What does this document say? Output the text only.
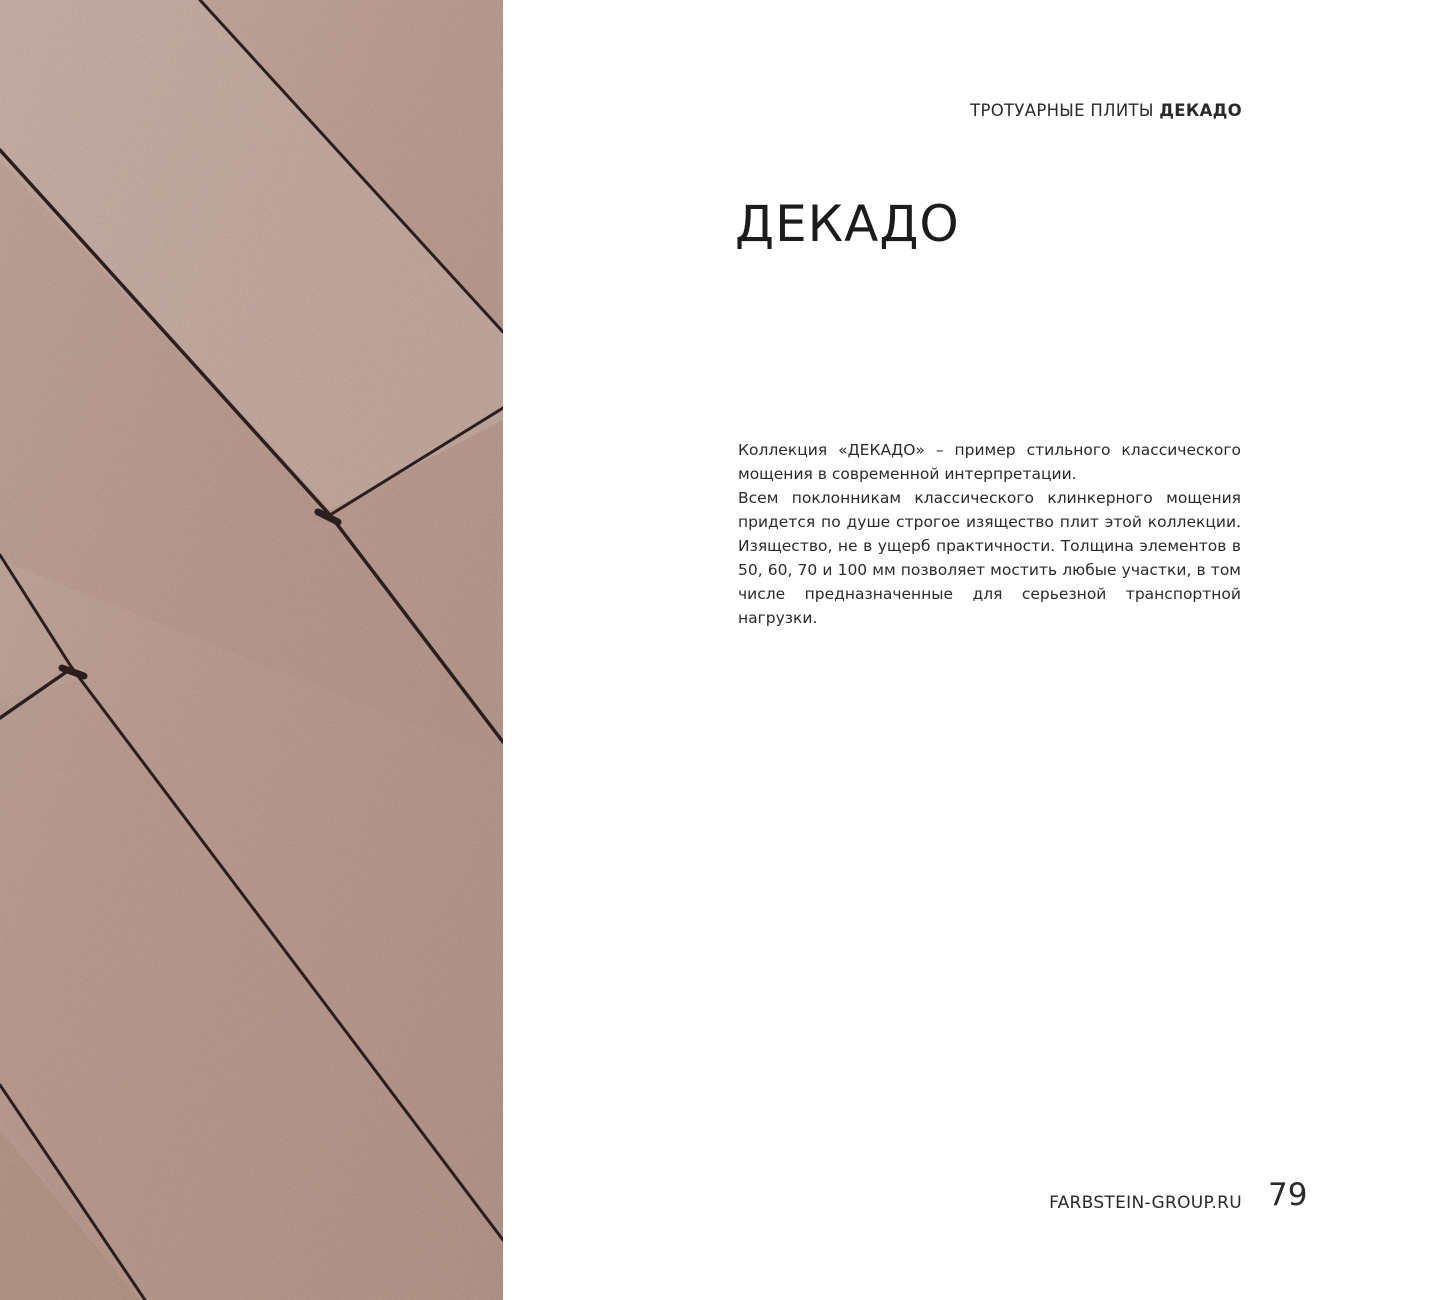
ТРОТУАРНЫЕ ПЛИТЫ ДЕКАДО
ДЕКАДО

Коллекция «ДЕКАДО» – пример стильного классического мощения в современной интерпретации.

Всем поклонникам классического клинкерного мощения придется по душе строгое изящество плит этой коллекции. Изящество, не в ущерб практичности. Толщина элементов в 50, 60, 70 и 100 мм позволяет мостить любые участки, в том числе предназначенные для серьезной транспортной нагрузки.

FARBSTEIN-GROUP.RU 79
